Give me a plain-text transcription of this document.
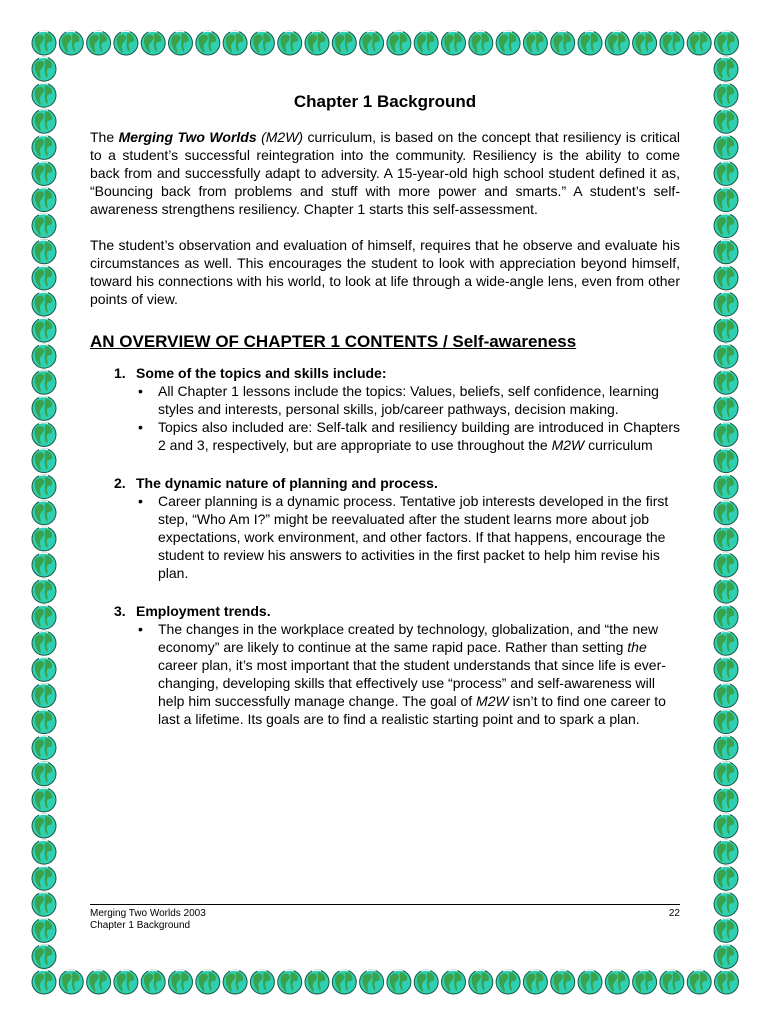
Chapter 1 Background

The Merging Two Worlds (M2W) curriculum, is based on the concept that resiliency is critical to a student’s successful reintegration into the community. Resiliency is the ability to come back from and successfully adapt to adversity. A 15-year-old high school student defined it as, “Bouncing back from problems and stuff with more power and smarts.” A student’s self-awareness strengthens resiliency. Chapter 1 starts this self-assessment.

The student’s observation and evaluation of himself, requires that he observe and evaluate his circumstances as well. This encourages the student to look with appreciation beyond himself, toward his connections with his world, to look at life through a wide-angle lens, even from other points of view.

AN OVERVIEW OF CHAPTER 1 CONTENTS / Self-awareness
1. Some of the topics and skills include:
• All Chapter 1 lessons include the topics: Values, beliefs, self confidence, learning styles and interests, personal skills, job/career pathways, decision making.
• Topics also included are: Self-talk and resiliency building are introduced in Chapters 2 and 3, respectively, but are appropriate to use throughout the M2W curriculum
2. The dynamic nature of planning and process.
• Career planning is a dynamic process. Tentative job interests developed in the first step, “Who Am I?” might be reevaluated after the student learns more about job expectations, work environment, and other factors. If that happens, encourage the student to review his answers to activities in the first packet to help him revise his plan.
3. Employment trends.
• The changes in the workplace created by technology, globalization, and “the new economy” are likely to continue at the same rapid pace. Rather than setting the career plan, it’s most important that the student understands that since life is ever-changing, developing skills that effectively use “process” and self-awareness will help him successfully manage change. The goal of M2W isn’t to find one career to last a lifetime. Its goals are to find a realistic starting point and to spark a plan.
Merging Two Worlds 2003
Chapter 1 Background
22
